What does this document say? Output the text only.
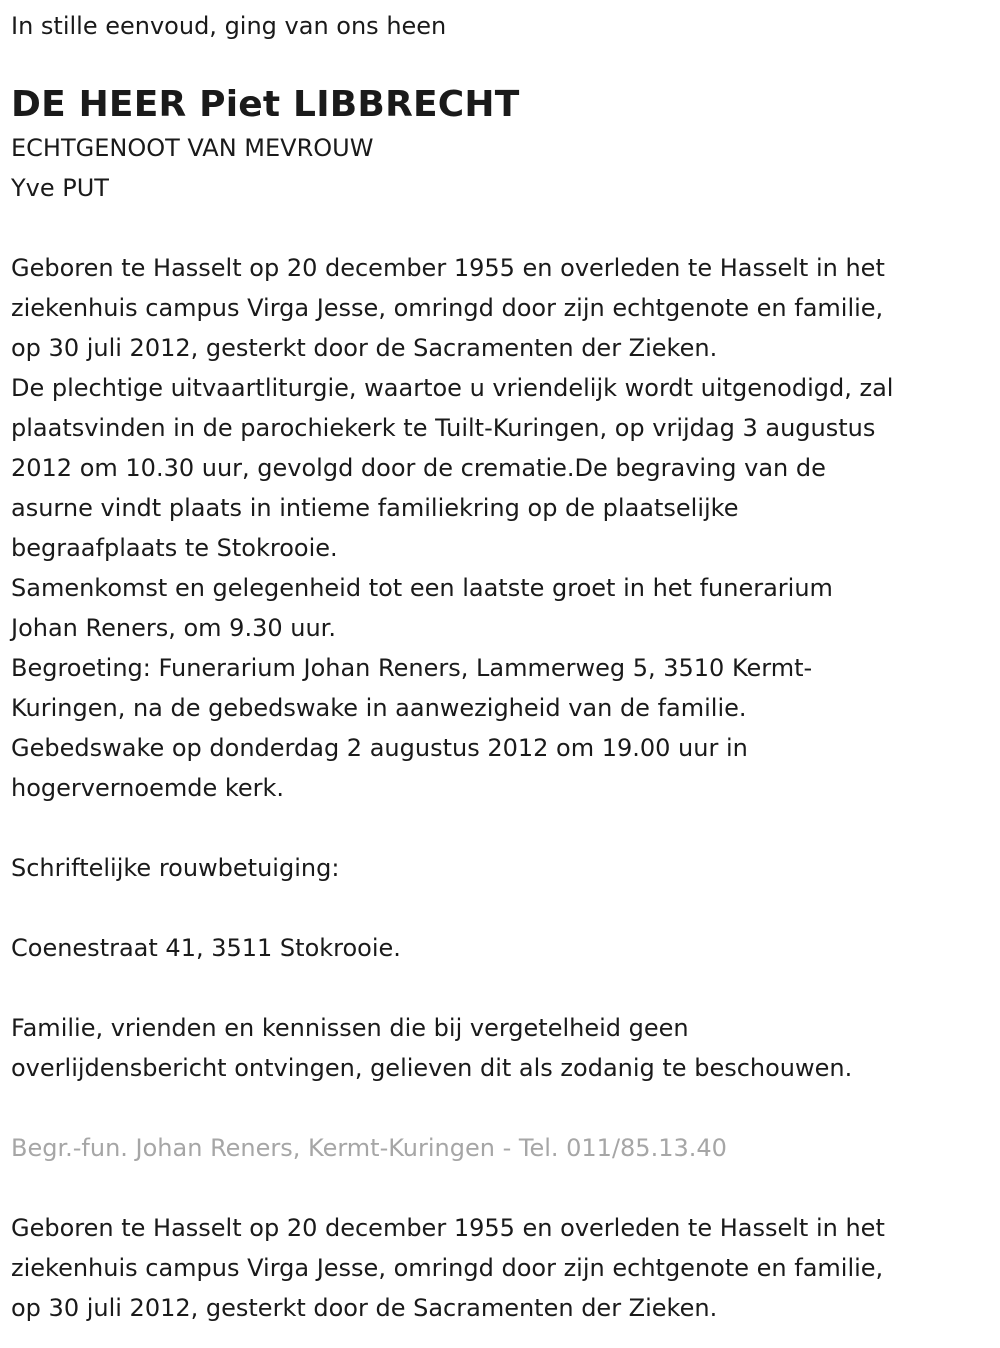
In stille eenvoud, ging van ons heen

DE HEER Piet LIBBRECHT

ECHTGENOOT VAN MEVROUW

Yve PUT

Geboren te Hasselt op 20 december 1955 en overleden te Hasselt in het

ziekenhuis campus Virga Jesse, omringd door zijn echtgenote en familie,

op 30 juli 2012, gesterkt door de Sacramenten der Zieken.

De plechtige uitvaartliturgie, waartoe u vriendelijk wordt uitgenodigd, zal

plaatsvinden in de parochiekerk te Tuilt-Kuringen, op vrijdag 3 augustus

2012 om 10.30 uur, gevolgd door de crematie.De begraving van de

asurne vindt plaats in intieme familiekring op de plaatselijke

begraafplaats te Stokrooie.

Samenkomst en gelegenheid tot een laatste groet in het funerarium

Johan Reners, om 9.30 uur.

Begroeting: Funerarium Johan Reners, Lammerweg 5, 3510 Kermt-

Kuringen, na de gebedswake in aanwezigheid van de familie.

Gebedswake op donderdag 2 augustus 2012 om 19.00 uur in

hogervernoemde kerk.

Schriftelijke rouwbetuiging:

Coenestraat 41, 3511 Stokrooie.

Familie, vrienden en kennissen die bij vergetelheid geen

overlijdensbericht ontvingen, gelieven dit als zodanig te beschouwen.

Begr.-fun. Johan Reners, Kermt-Kuringen - Tel. 011/85.13.40

Geboren te Hasselt op 20 december 1955 en overleden te Hasselt in het

ziekenhuis campus Virga Jesse, omringd door zijn echtgenote en familie,

op 30 juli 2012, gesterkt door de Sacramenten der Zieken.
